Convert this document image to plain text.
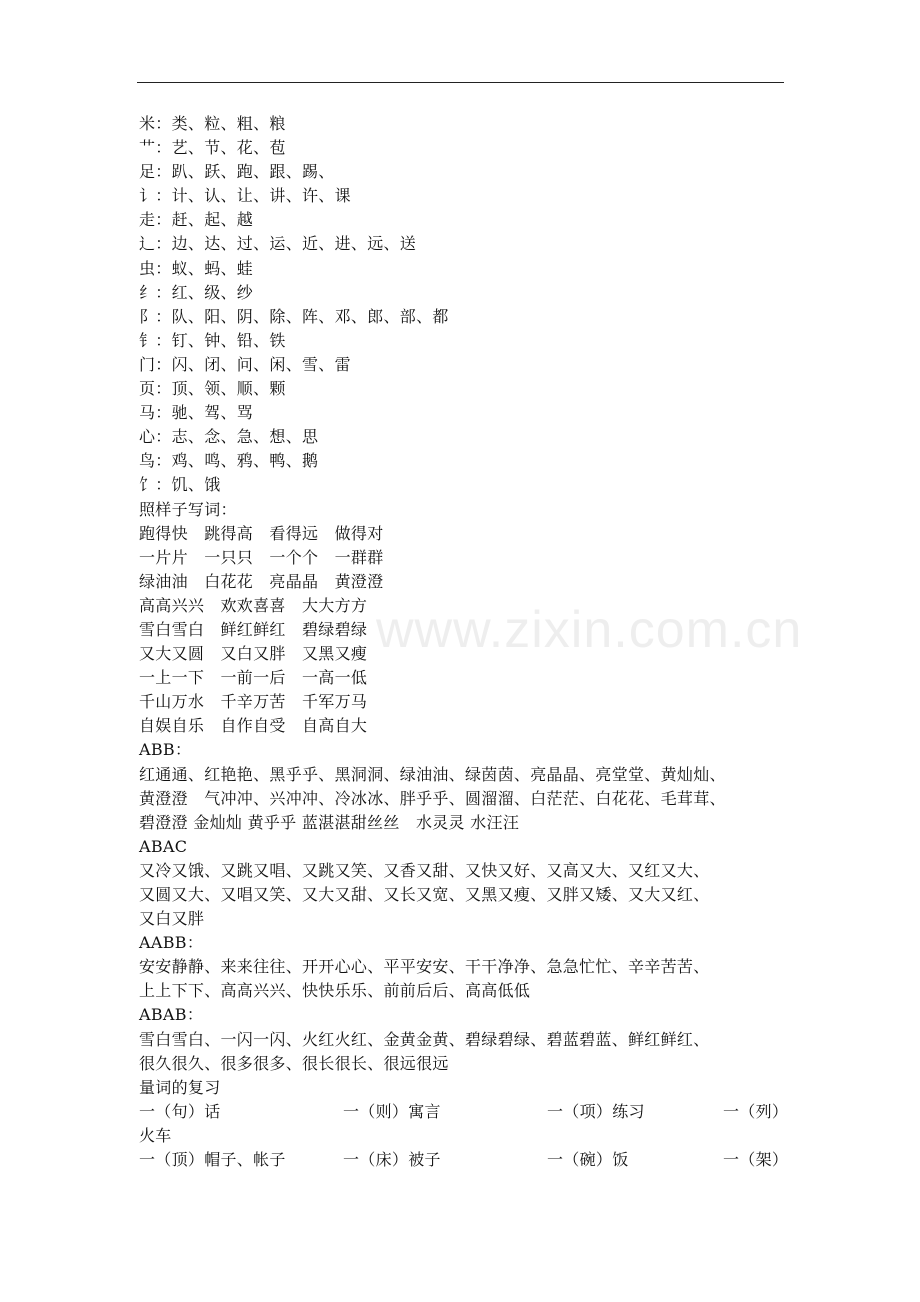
米：类、粒、粗、粮
艹：艺、节、花、苞
足：趴、跃、跑、跟、踢、
讠：计、认、让、讲、许、课
走：赶、起、越
辶：边、达、过、运、近、进、远、送
虫：蚁、蚂、蛙
纟：红、级、纱
阝：队、阳、阴、除、阵、邓、郎、部、都
钅：钉、钟、铅、铁
门：闪、闭、问、闲、雪、雷
页：顶、领、顺、颗
马：驰、驾、骂
心：志、念、急、想、思
鸟：鸡、鸣、鸦、鸭、鹅
饣：饥、饿
照样子写词：
跑得快　跳得高　看得远　做得对
一片片　一只只　一个个　一群群
绿油油　白花花　亮晶晶　黄澄澄
高高兴兴　欢欢喜喜　大大方方
雪白雪白　鲜红鲜红　碧绿碧绿
又大又圆　又白又胖　又黑又瘦
一上一下　一前一后　一高一低
千山万水　千辛万苦　千军万马
自娱自乐　自作自受　自高自大
ABB：
红通通、红艳艳、黑乎乎、黑洞洞、绿油油、绿茵茵、亮晶晶、亮堂堂、黄灿灿、
黄澄澄　气冲冲、兴冲冲、冷冰冰、胖乎乎、圆溜溜、白茫茫、白花花、毛茸茸、
碧澄澄 金灿灿 黄乎乎 蓝湛湛甜丝丝　水灵灵 水汪汪
ABAC
又冷又饿、又跳又唱、又跳又笑、又香又甜、又快又好、又高又大、又红又大、
又圆又大、又唱又笑、又大又甜、又长又宽、又黑又瘦、又胖又矮、又大又红、
又白又胖
AABB：
安安静静、来来往往、开开心心、平平安安、干干净净、急急忙忙、辛辛苦苦、
上上下下、高高兴兴、快快乐乐、前前后后、高高低低
ABAB：
雪白雪白、一闪一闪、火红火红、金黄金黄、碧绿碧绿、碧蓝碧蓝、鲜红鲜红、
很久很久、很多很多、很长很长、很远很远
量词的复习
一（句）话	一（则）寓言	一（项）练习	一（列）
火车
一（顶）帽子、帐子	一（床）被子	一（碗）饭	一（架）
www.zixin.com.cn
